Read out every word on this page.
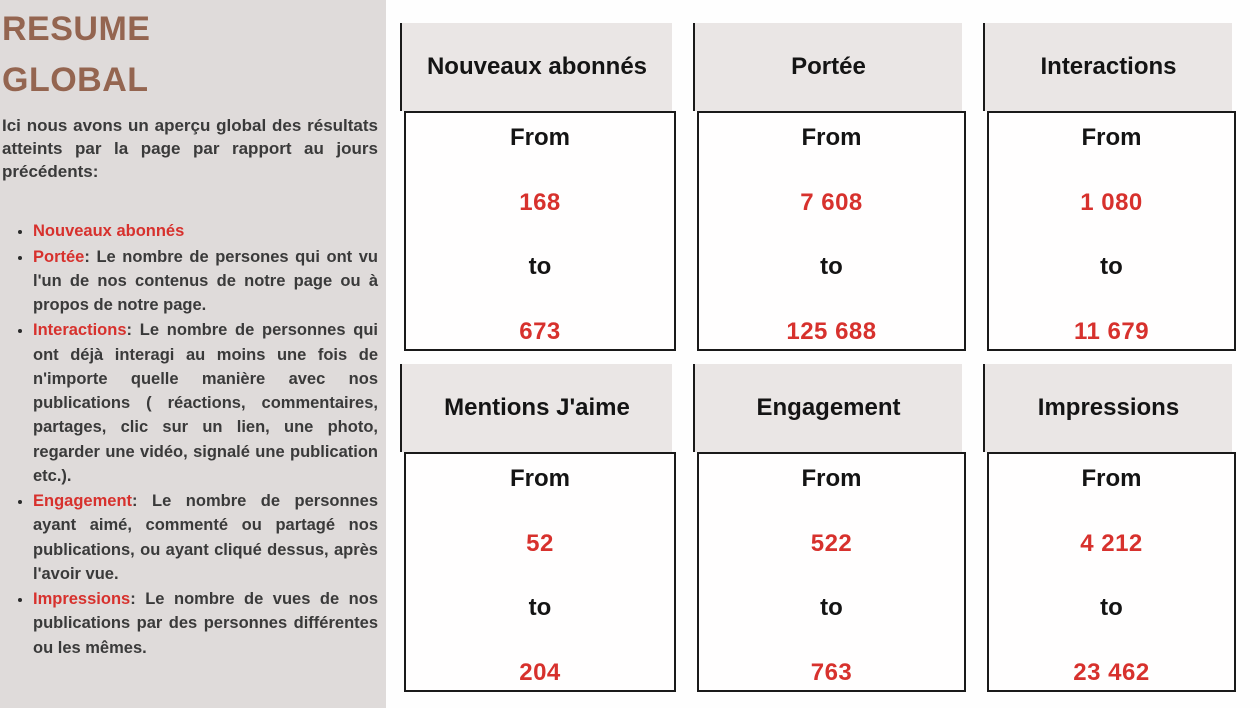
RESUME
GLOBAL

Ici nous avons un aperçu global des résultats atteints par la page par rapport au jours précédents:

• Nouveaux abonnés
• Portée: Le nombre de persones qui ont vu l'un de nos contenus de notre page ou à propos de notre page.
• Interactions: Le nombre de personnes qui ont déjà interagi au moins une fois de n'importe quelle manière avec nos publications ( réactions, commentaires, partages, clic sur un lien, une photo, regarder une vidéo, signalé une publication etc.).
• Engagement: Le nombre de personnes ayant aimé, commenté ou partagé nos publications, ou ayant cliqué dessus, après l'avoir vue.
• Impressions: Le nombre de vues de nos publications par des personnes différentes ou les mêmes.
Nouveaux abonnés
From
168
to
673
Portée
From
7 608
to
125 688
Interactions
From
1 080
to
11 679
Mentions J'aime
From
52
to
204
Engagement
From
522
to
763
Impressions
From
4 212
to
23 462
